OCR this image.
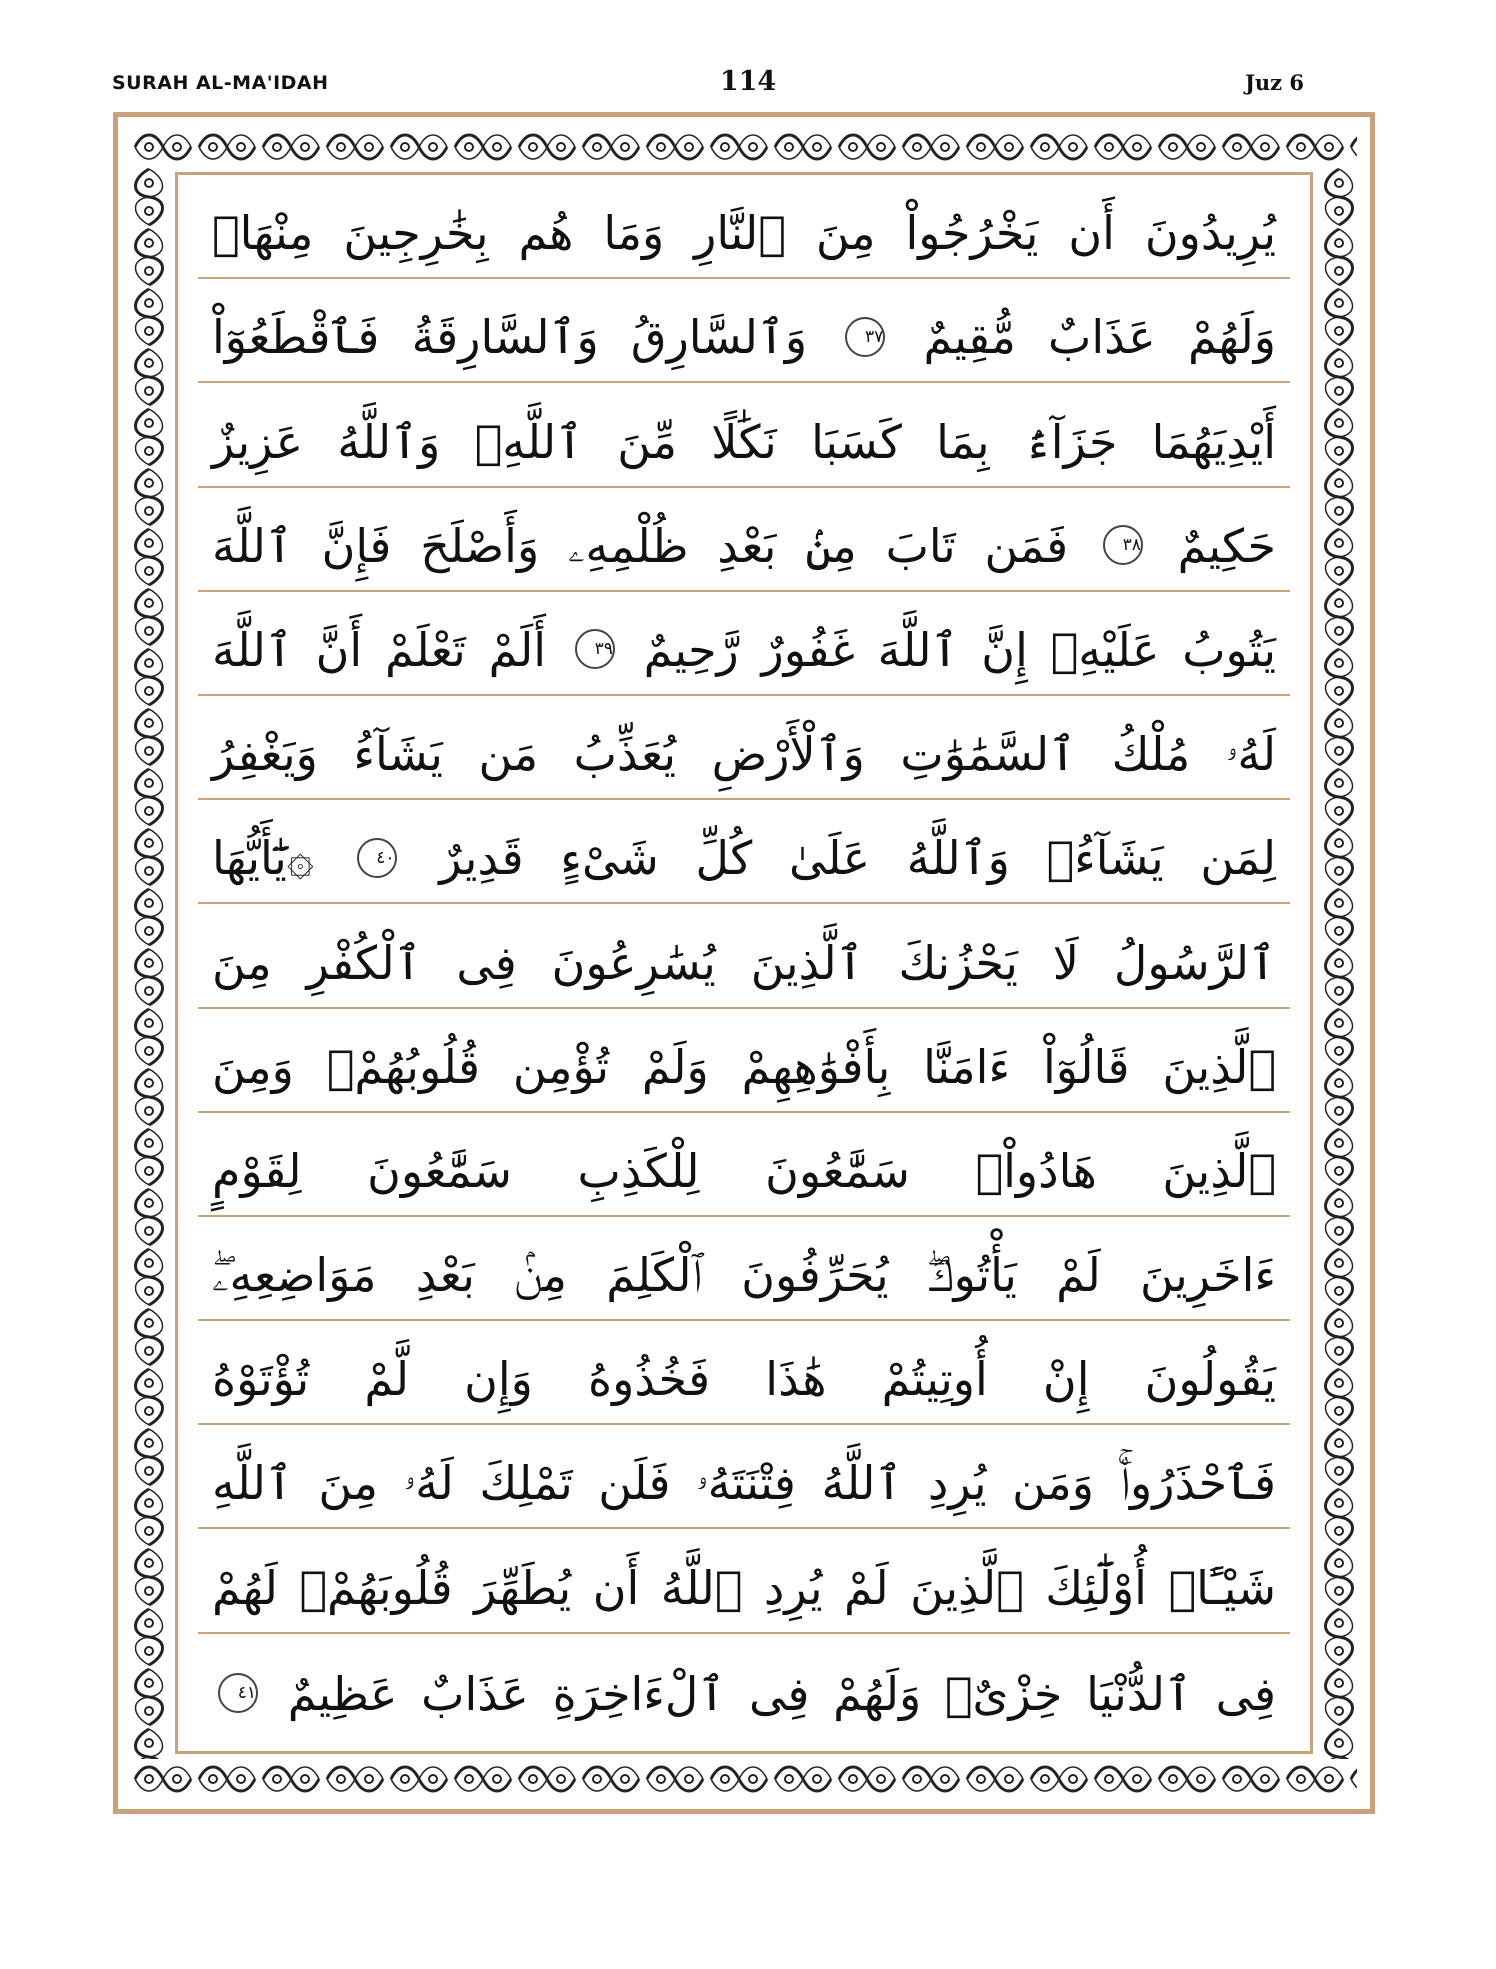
SURAH AL-MA'IDAH	114	Juz 6
يُرِيدُونَ أَن يَخْرُجُواْ مِنَ ٱلنَّارِ وَمَا هُم بِخَٰرِجِينَ مِنْهَاۖ
وَلَهُمْ عَذَابٌ مُّقِيمٌ ٣٧ وَٱلسَّارِقُ وَٱلسَّارِقَةُ فَٱقْطَعُوٓاْ
أَيْدِيَهُمَا جَزَآءَۢ بِمَا كَسَبَا نَكَٰلًا مِّنَ ٱللَّهِۗ وَٱللَّهُ عَزِيزٌ
حَكِيمٌ ٣٨ فَمَن تَابَ مِنۢ بَعْدِ ظُلْمِهِۦ وَأَصْلَحَ فَإِنَّ ٱللَّهَ
يَتُوبُ عَلَيْهِۚ إِنَّ ٱللَّهَ غَفُورٌ رَّحِيمٌ ٣٩ أَلَمْ تَعْلَمْ أَنَّ ٱللَّهَ
لَهُۥ مُلْكُ ٱلسَّمَٰوَٰتِ وَٱلْأَرْضِ يُعَذِّبُ مَن يَشَآءُ وَيَغْفِرُ
لِمَن يَشَآءُۗ وَٱللَّهُ عَلَىٰ كُلِّ شَىْءٍ قَدِيرٌ ٤٠ ۞يَٰٓأَيُّهَا
ٱلرَّسُولُ لَا يَحْزُنكَ ٱلَّذِينَ يُسَٰرِعُونَ فِى ٱلْكُفْرِ مِنَ
ٱلَّذِينَ قَالُوٓاْ ءَامَنَّا بِأَفْوَٰهِهِمْ وَلَمْ تُؤْمِن قُلُوبُهُمْۛ وَمِنَ
ٱلَّذِينَ هَادُواْۛ سَمَّٰعُونَ لِلْكَذِبِ سَمَّٰعُونَ لِقَوْمٍ
ءَاخَرِينَ لَمْ يَأْتُوكَۖ يُحَرِّفُونَ ٱلْكَلِمَ مِنۢ بَعْدِ مَوَاضِعِهِۦۖ
يَقُولُونَ إِنْ أُوتِيتُمْ هَٰذَا فَخُذُوهُ وَإِن لَّمْ تُؤْتَوْهُ
فَٱحْذَرُواْۚ وَمَن يُرِدِ ٱللَّهُ فِتْنَتَهُۥ فَلَن تَمْلِكَ لَهُۥ مِنَ ٱللَّهِ
شَيْـًٔاۚ أُوْلَٰٓئِكَ ٱلَّذِينَ لَمْ يُرِدِ ٱللَّهُ أَن يُطَهِّرَ قُلُوبَهُمْۚ لَهُمْ
فِى ٱلدُّنْيَا خِزْىٌۖ وَلَهُمْ فِى ٱلْءَاخِرَةِ عَذَابٌ عَظِيمٌ ٤١
